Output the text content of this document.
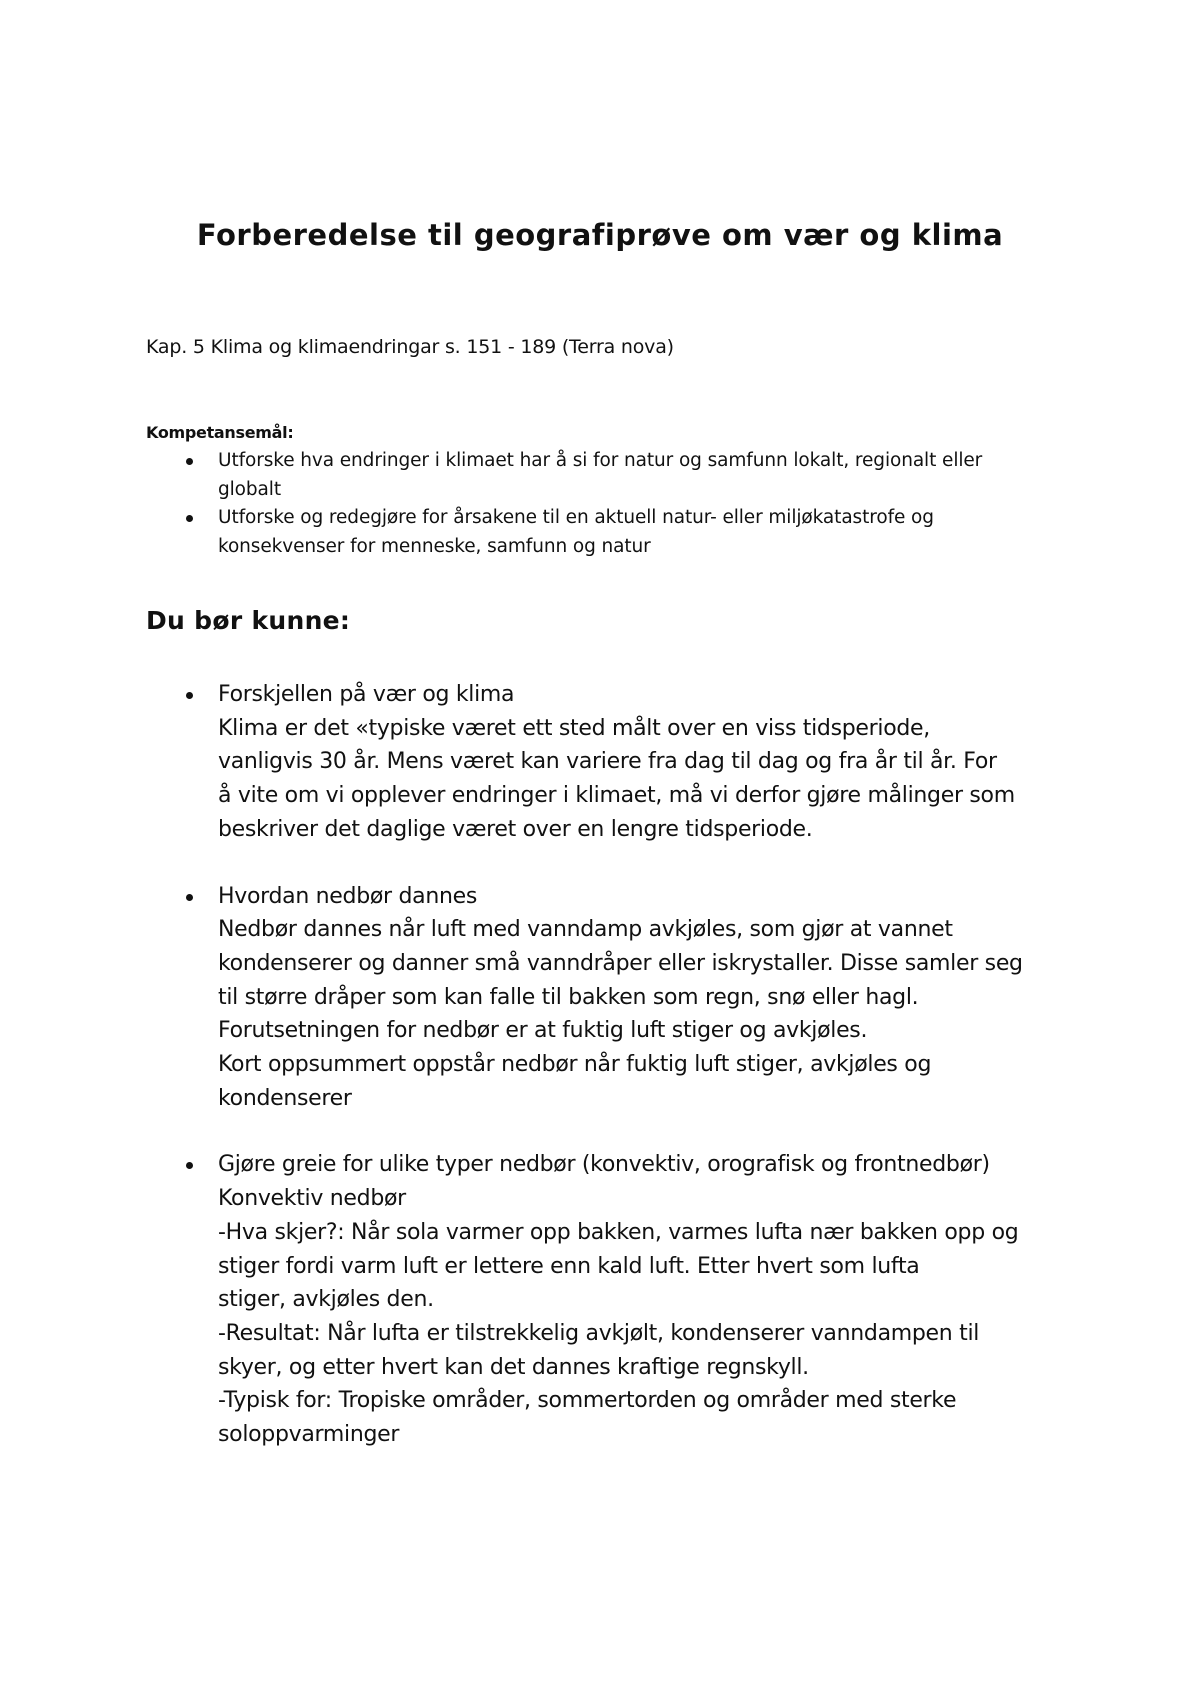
Forberedelse til geografiprøve om vær og klima

Kap. 5 Klima og klimaendringar s. 151 - 189 (Terra nova)

Kompetansemål:

Utforske hva endringer i klimaet har å si for natur og samfunn lokalt, regionalt eller
globalt
Utforske og redegjøre for årsakene til en aktuell natur- eller miljøkatastrofe og
konsekvenser for menneske, samfunn og natur
Du bør kunne:
Forskjellen på vær og klima
Klima er det «typiske været ett sted målt over en viss tidsperiode,
vanligvis 30 år. Mens været kan variere fra dag til dag og fra år til år. For
å vite om vi opplever endringer i klimaet, må vi derfor gjøre målinger som
beskriver det daglige været over en lengre tidsperiode.
Hvordan nedbør dannes
Nedbør dannes når luft med vanndamp avkjøles, som gjør at vannet
kondenserer og danner små vanndråper eller iskrystaller. Disse samler seg
til større dråper som kan falle til bakken som regn, snø eller hagl.
Forutsetningen for nedbør er at fuktig luft stiger og avkjøles.
Kort oppsummert oppstår nedbør når fuktig luft stiger, avkjøles og
kondenserer
Gjøre greie for ulike typer nedbør (konvektiv, orografisk og frontnedbør)
Konvektiv nedbør
-Hva skjer?: Når sola varmer opp bakken, varmes lufta nær bakken opp og
stiger fordi varm luft er lettere enn kald luft. Etter hvert som lufta
stiger, avkjøles den.
-Resultat: Når lufta er tilstrekkelig avkjølt, kondenserer vanndampen til
skyer, og etter hvert kan det dannes kraftige regnskyll.
-Typisk for: Tropiske områder, sommertorden og områder med sterke
soloppvarminger
